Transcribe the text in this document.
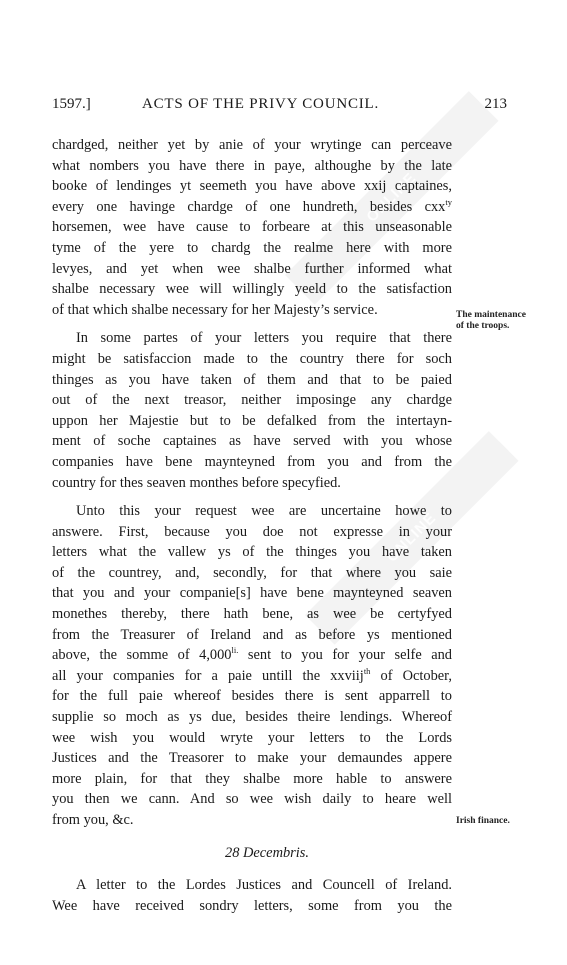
ONLINE
ONLINE
1597.]	ACTS OF THE PRIVY COUNCIL.	213

chardged, neither yet by anie of your wrytinge can perceave

what nombers you have there in paye, althoughe by the late

booke of lendinges yt seemeth you have above xxij captaines,

every one havinge chardge of one hundreth, besides cxx$^{ty}$

horsemen, wee have cause to forbeare at this unseasonable

tyme of the yere to chardg the realme here with more

levyes, and yet when wee shalbe further informed what

shalbe necessary wee will willingly yeeld to the satisfaction

of that which shalbe necessary for her Majesty’s service.

In some partes of your letters you require that there

might be satisfaccion made to the country there for soch

thinges as you have taken of them and that to be paied

out of the next treasor, neither imposinge any chardge

uppon her Majestie but to be defalked from the intertayn-

ment of soche captaines as have served with you whose

companies have bene maynteyned from you and from the

country for thes seaven monthes before specyfied.

Unto this your request wee are uncertaine howe to

answere. First, because you doe not expresse in your

letters what the vallew ys of the thinges you have taken

of the countrey, and, secondly, for that where you saie

that you and your companie[s] have bene maynteyned seaven

monethes thereby, there hath bene, as wee be certyfyed

from the Treasurer of Ireland and as before ys mentioned

above, the somme of $4,000^{li.}$ sent to you for your selfe and

all your companies for a paie untill the xxviij$^{th}$ of October,

for the full paie whereof besides there is sent apparrell to

supplie so moch as ys due, besides theire lendings. Whereof

wee wish you would wryte your letters to the Lords

Justices and the Treasorer to make your demaundes appere

more plain, for that they shalbe more hable to answere

you then we cann. And so wee wish daily to heare well

from you, &c.

28 Decembris.

A letter to the Lordes Justices and Councell of Ireland.

Wee have received sondry letters, some from you the

The maintenance of the troops.
Irish finance.
